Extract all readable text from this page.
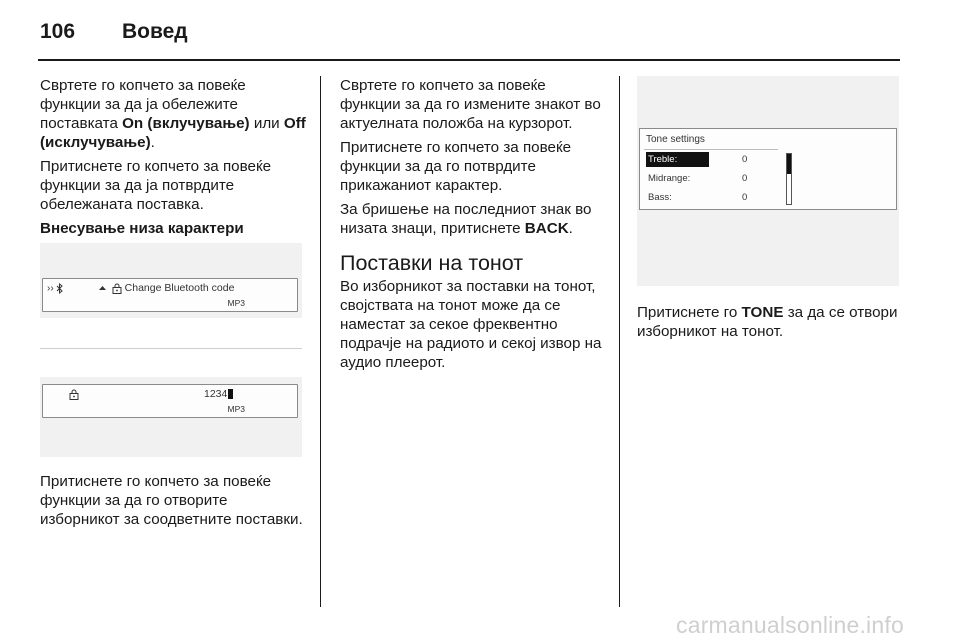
106	Вовед

Свртете го копчето за повеќе функции за да ја обележите поставката On (вклучување) или Off (исклучување).

Притиснете го копчето за повеќе функции за да ја потврдите обележаната поставка.

Внесување низа карактери

››	Change Bluetooth code
MP3
1234
MP3

Притиснете го копчето за повеќе функции за да го отворите изборникот за соодветните поставки.

Свртете го копчето за повеќе функции за да го измените знакот во актуелната положба на курзорот.

Притиснете го копчето за повеќе функции за да го потврдите прикажаниот карактер.

За бришење на последниот знак во низата знаци, притиснете BACK.

Поставки на тонот

Во изборникот за поставки на тонот, својствата на тонот може да се наместат за секое фреквентно подрачје на радиото и секој извор на аудио плеерот.

Tone settings
Treble:	0
Midrange:	0
Bass:	0

Притиснете го TONE за да се отвори изборникот на тонот.

carmanualsonline.info
